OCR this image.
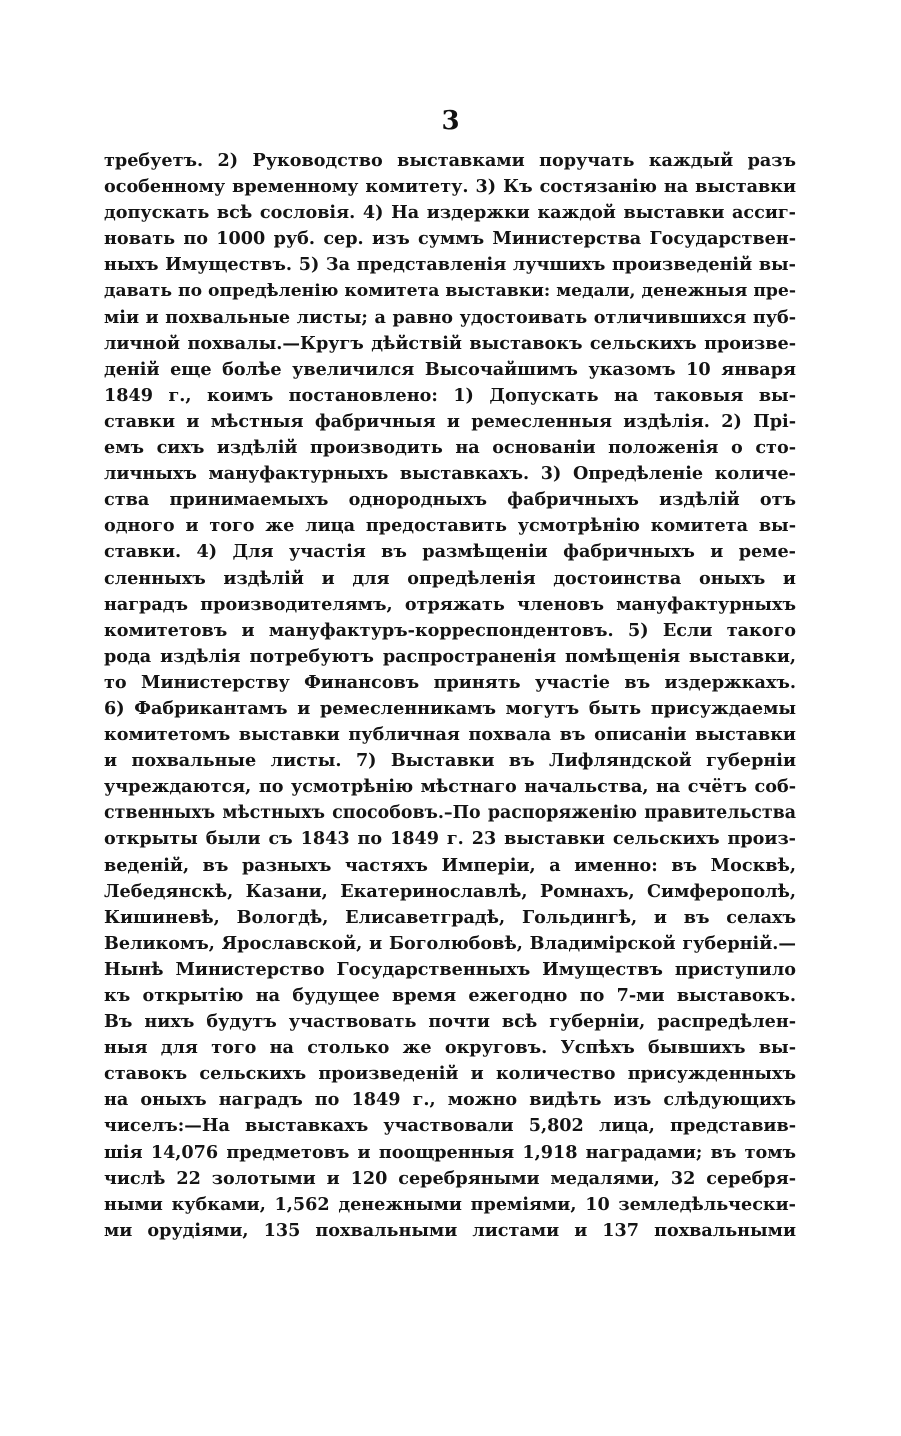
3
требуетъ. 2) Руководство выставками поручать каждый разъ
особенному временному комитету. 3) Къ состязанію на выставки
допускать всѣ сословія. 4) На издержки каждой выставки ассиг-
новать по 1000 руб. сер. изъ суммъ Министерства Государствен-
ныхъ Имуществъ. 5) За представленія лучшихъ произведеній вы-
давать по опредѣленію комитета выставки: медали, денежныя пре-
міи и похвальные листы; а равно удостоивать отличившихся пуб-
личной похвалы.—Кругъ дѣйствій выставокъ сельскихъ произве-
деній еще болѣе увеличился Высочайшимъ указомъ 10 января
1849 г., коимъ постановлено: 1) Допускать на таковыя вы-
ставки и мѣстныя фабричныя и ремесленныя издѣлія. 2) Прі-
емъ сихъ издѣлій производить на основаніи положенія о сто-
личныхъ мануфактурныхъ выставкахъ. 3) Опредѣленіе количе-
ства принимаемыхъ однородныхъ фабричныхъ издѣлій отъ
одного и того же лица предоставить усмотрѣнію комитета вы-
ставки. 4) Для участія въ размѣщеніи фабричныхъ и реме-
сленныхъ издѣлій и для опредѣленія достоинства оныхъ и
наградъ производителямъ, отряжать членовъ мануфактурныхъ
комитетовъ и мануфактуръ-корреспондентовъ. 5) Если такого
рода издѣлія потребуютъ распространенія помѣщенія выставки,
то Министерству Финансовъ принять участіе въ издержкахъ.
6) Фабрикантамъ и ремесленникамъ могутъ быть присуждаемы
комитетомъ выставки публичная похвала въ описаніи выставки
и похвальные листы. 7) Выставки въ Лифляндской губерніи
учреждаются, по усмотрѣнію мѣстнаго начальства, на счётъ соб-
ственныхъ мѣстныхъ способовъ.–По распоряженію правительства
открыты были съ 1843 по 1849 г. 23 выставки сельскихъ произ-
веденій, въ разныхъ частяхъ Имперіи, а именно: въ Москвѣ,
Лебедянскѣ, Казани, Екатеринославлѣ, Ромнахъ, Симферополѣ,
Кишиневѣ, Вологдѣ, Елисаветградѣ, Гольдингѣ, и въ селахъ
Великомъ, Ярославской, и Боголюбовѣ, Владимірской губерній.—
Нынѣ Министерство Государственныхъ Имуществъ приступило
къ открытію на будущее время ежегодно по 7-ми выставокъ.
Въ нихъ будутъ участвовать почти всѣ губерніи, распредѣлен-
ныя для того на столько же округовъ. Успѣхъ бывшихъ вы-
ставокъ сельскихъ произведеній и количество присужденныхъ
на оныхъ наградъ по 1849 г., можно видѣть изъ слѣдующихъ
чиселъ:—На выставкахъ участвовали 5,802 лица, представив-
шія 14,076 предметовъ и поощренныя 1,918 наградами; въ томъ
числѣ 22 золотыми и 120 серебряными медалями, 32 серебря-
ными кубками, 1,562 денежными преміями, 10 земледѣльчески-
ми орудіями, 135 похвальными листами и 137 похвальными
